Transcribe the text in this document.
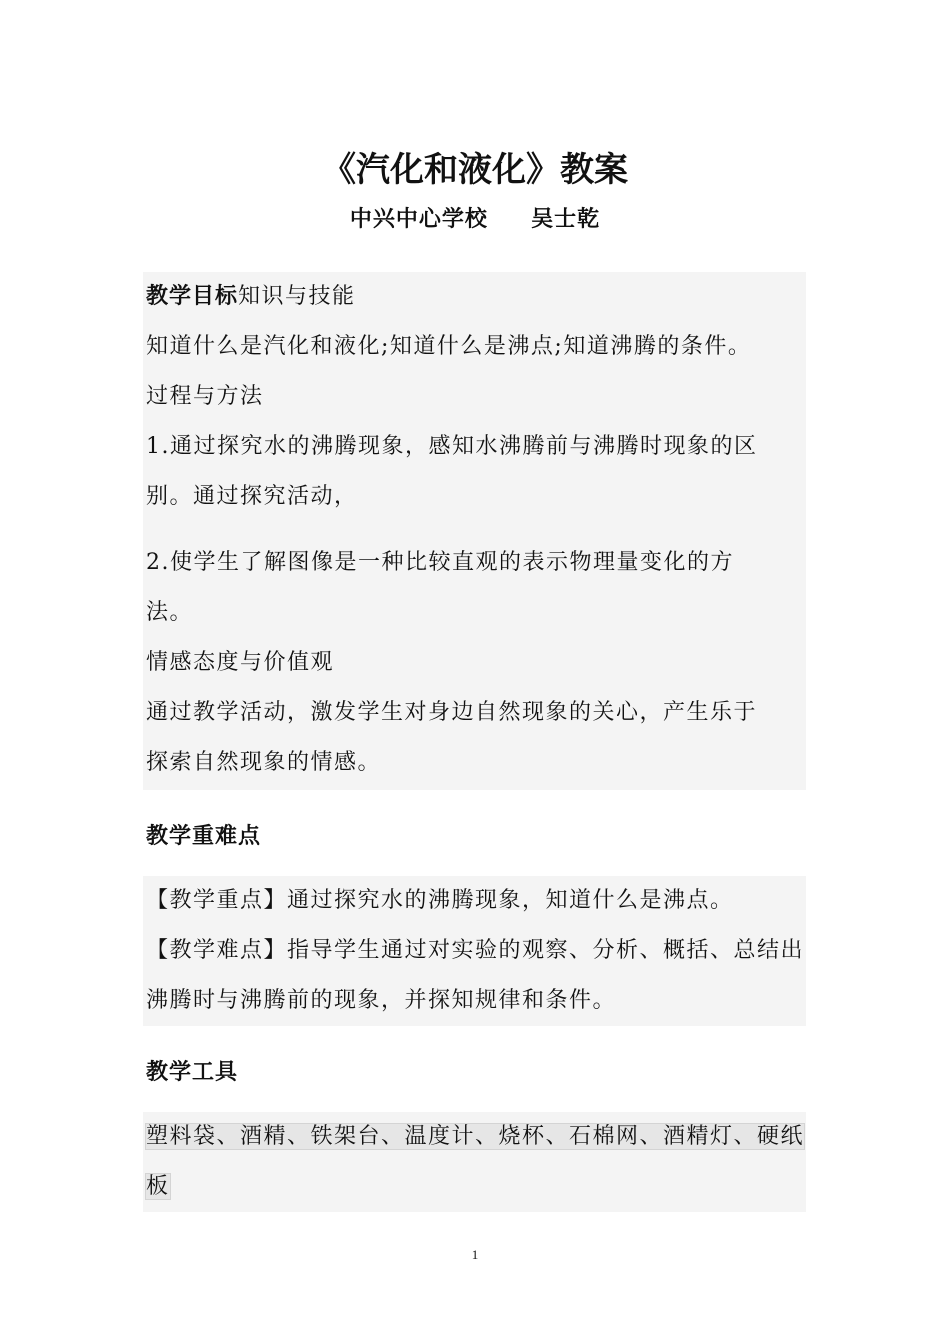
《汽化和液化》教案
中兴中心学校     吴士乾
教学目标知识与技能
知道什么是汽化和液化;知道什么是沸点;知道沸腾的条件。
过程与方法
1.通过探究水的沸腾现象，感知水沸腾前与沸腾时现象的区
别。通过探究活动，
2.使学生了解图像是一种比较直观的表示物理量变化的方
法。
情感态度与价值观
通过教学活动，激发学生对身边自然现象的关心，产生乐于
探索自然现象的情感。
教学重难点
【教学重点】通过探究水的沸腾现象，知道什么是沸点。
【教学难点】指导学生通过对实验的观察、分析、概括、总结出
沸腾时与沸腾前的现象，并探知规律和条件。
教学工具
塑料袋、酒精、铁架台、温度计、烧杯、石棉网、酒精灯、硬纸
板
1
